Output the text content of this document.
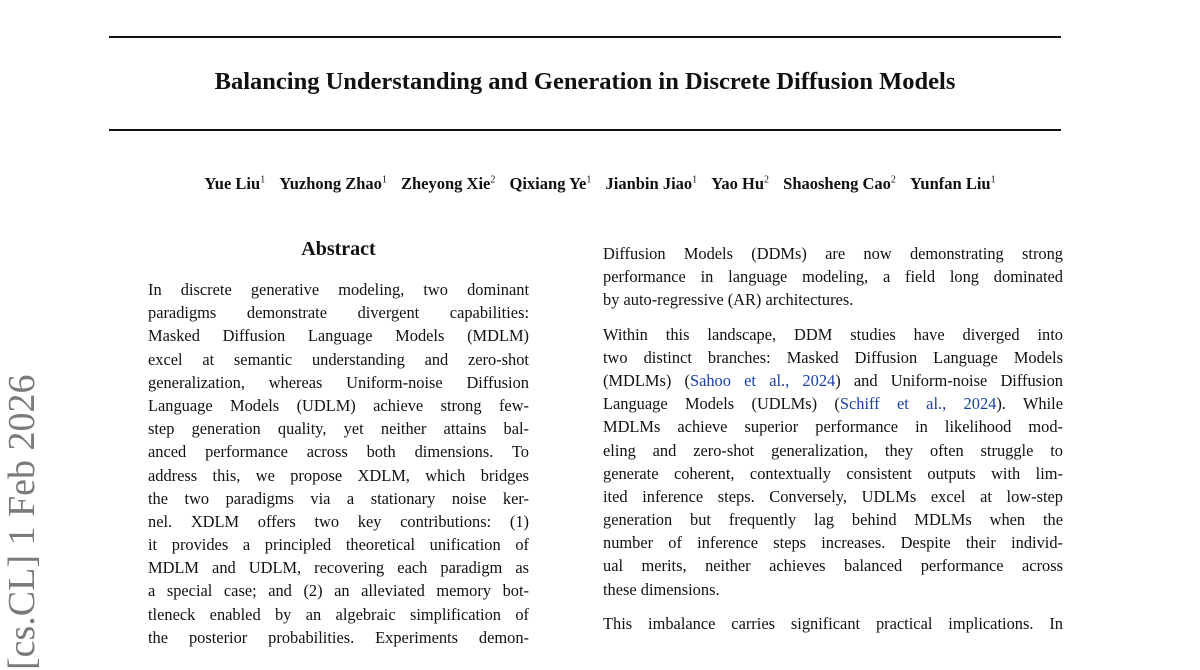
Balancing Understanding and Generation in Discrete Diffusion Models
Yue Liu$^1$ Yuzhong Zhao$^1$ Zheyong Xie$^2$ Qixiang Ye$^1$ Jianbin Jiao$^1$ Yao Hu$^2$ Shaosheng Cao$^2$ Yunfan Liu$^1$
[cs.CL] 1 Feb 2026
Abstract
In discrete generative modeling, two dominant
paradigms demonstrate divergent capabilities:
Masked Diffusion Language Models (MDLM)
excel at semantic understanding and zero-shot
generalization, whereas Uniform-noise Diffusion
Language Models (UDLM) achieve strong few-
step generation quality, yet neither attains bal-
anced performance across both dimensions. To
address this, we propose XDLM, which bridges
the two paradigms via a stationary noise ker-
nel. XDLM offers two key contributions: (1)
it provides a principled theoretical unification of
MDLM and UDLM, recovering each paradigm as
a special case; and (2) an alleviated memory bot-
tleneck enabled by an algebraic simplification of
the posterior probabilities. Experiments demon-
Diffusion Models (DDMs) are now demonstrating strong
performance in language modeling, a field long dominated
by auto-regressive (AR) architectures.
Within this landscape, DDM studies have diverged into
two distinct branches: Masked Diffusion Language Models
(MDLMs) (Sahoo et al., 2024) and Uniform-noise Diffusion
Language Models (UDLMs) (Schiff et al., 2024). While
MDLMs achieve superior performance in likelihood mod-
eling and zero-shot generalization, they often struggle to
generate coherent, contextually consistent outputs with lim-
ited inference steps. Conversely, UDLMs excel at low-step
generation but frequently lag behind MDLMs when the
number of inference steps increases. Despite their individ-
ual merits, neither achieves balanced performance across
these dimensions.
This imbalance carries significant practical implications. In
